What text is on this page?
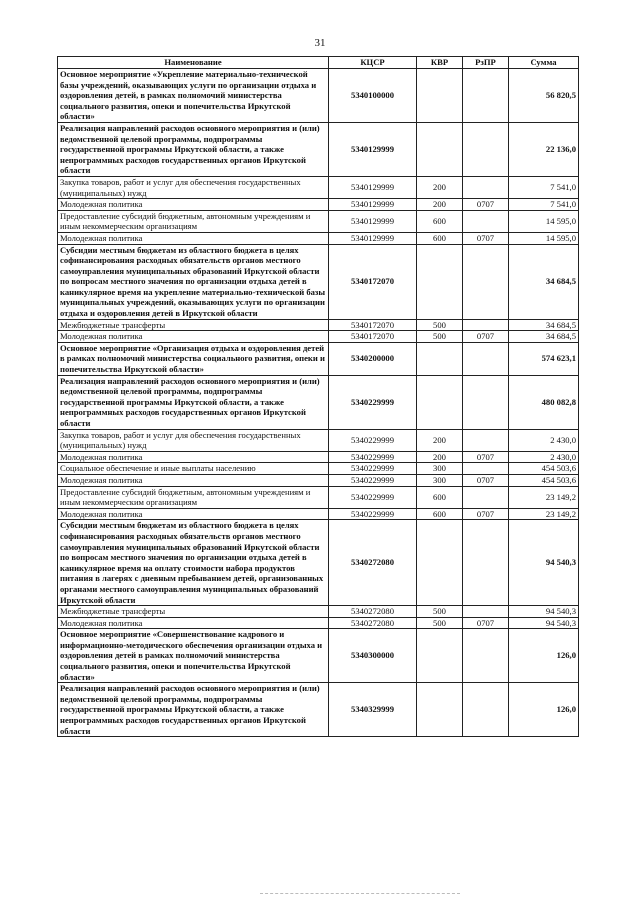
31
Наименование	КЦСР	КВР	РзПР	Сумма
Основное мероприятие «Укрепление материально-технической базы учреждений, оказывающих услуги по организации отдыха и оздоровления детей, в рамках полномочий министерства социального развития, опеки и попечительства Иркутской области»	5340100000			56 820,5
Реализация направлений расходов основного мероприятия и (или) ведомственной целевой программы, подпрограммы государственной программы Иркутской области, а также непрограммных расходов государственных органов Иркутской области	5340129999			22 136,0
Закупка товаров, работ и услуг для обеспечения государственных (муниципальных) нужд	5340129999	200		7 541,0
Молодежная политика	5340129999	200	0707	7 541,0
Предоставление субсидий бюджетным, автономным учреждениям и иным некоммерческим организациям	5340129999	600		14 595,0
Молодежная политика	5340129999	600	0707	14 595,0
Субсидии местным бюджетам из областного бюджета в целях софинансирования расходных обязательств органов местного самоуправления муниципальных образований Иркутской области по вопросам местного значения по организации отдыха детей в каникулярное время на укрепление материально-технической базы муниципальных учреждений, оказывающих услуги по организации отдыха и оздоровления детей в Иркутской области	5340172070			34 684,5
Межбюджетные трансферты	5340172070	500		34 684,5
Молодежная политика	5340172070	500	0707	34 684,5
Основное мероприятие «Организация отдыха и оздоровления детей в рамках полномочий министерства социального развития, опеки и попечительства Иркутской области»	5340200000			574 623,1
Реализация направлений расходов основного мероприятия и (или) ведомственной целевой программы, подпрограммы государственной программы Иркутской области, а также непрограммных расходов государственных органов Иркутской области	5340229999			480 082,8
Закупка товаров, работ и услуг для обеспечения государственных (муниципальных) нужд	5340229999	200		2 430,0
Молодежная политика	5340229999	200	0707	2 430,0
Социальное обеспечение и иные выплаты населению	5340229999	300		454 503,6
Молодежная политика	5340229999	300	0707	454 503,6
Предоставление субсидий бюджетным, автономным учреждениям и иным некоммерческим организациям	5340229999	600		23 149,2
Молодежная политика	5340229999	600	0707	23 149,2
Субсидии местным бюджетам из областного бюджета в целях софинансирования расходных обязательств органов местного самоуправления муниципальных образований Иркутской области по вопросам местного значения по организации отдыха детей в каникулярное время на оплату стоимости набора продуктов питания в лагерях с дневным пребыванием детей, организованных органами местного самоуправления муниципальных образований Иркутской области	5340272080			94 540,3
Межбюджетные трансферты	5340272080	500		94 540,3
Молодежная политика	5340272080	500	0707	94 540,3
Основное мероприятие «Совершенствование кадрового и информационно-методического обеспечения организации отдыха и оздоровления детей в рамках полномочий министерства социального развития, опеки и попечительства Иркутской области»	5340300000			126,0
Реализация направлений расходов основного мероприятия и (или) ведомственной целевой программы, подпрограммы государственной программы Иркутской области, а также непрограммных расходов государственных органов Иркутской области	5340329999			126,0
